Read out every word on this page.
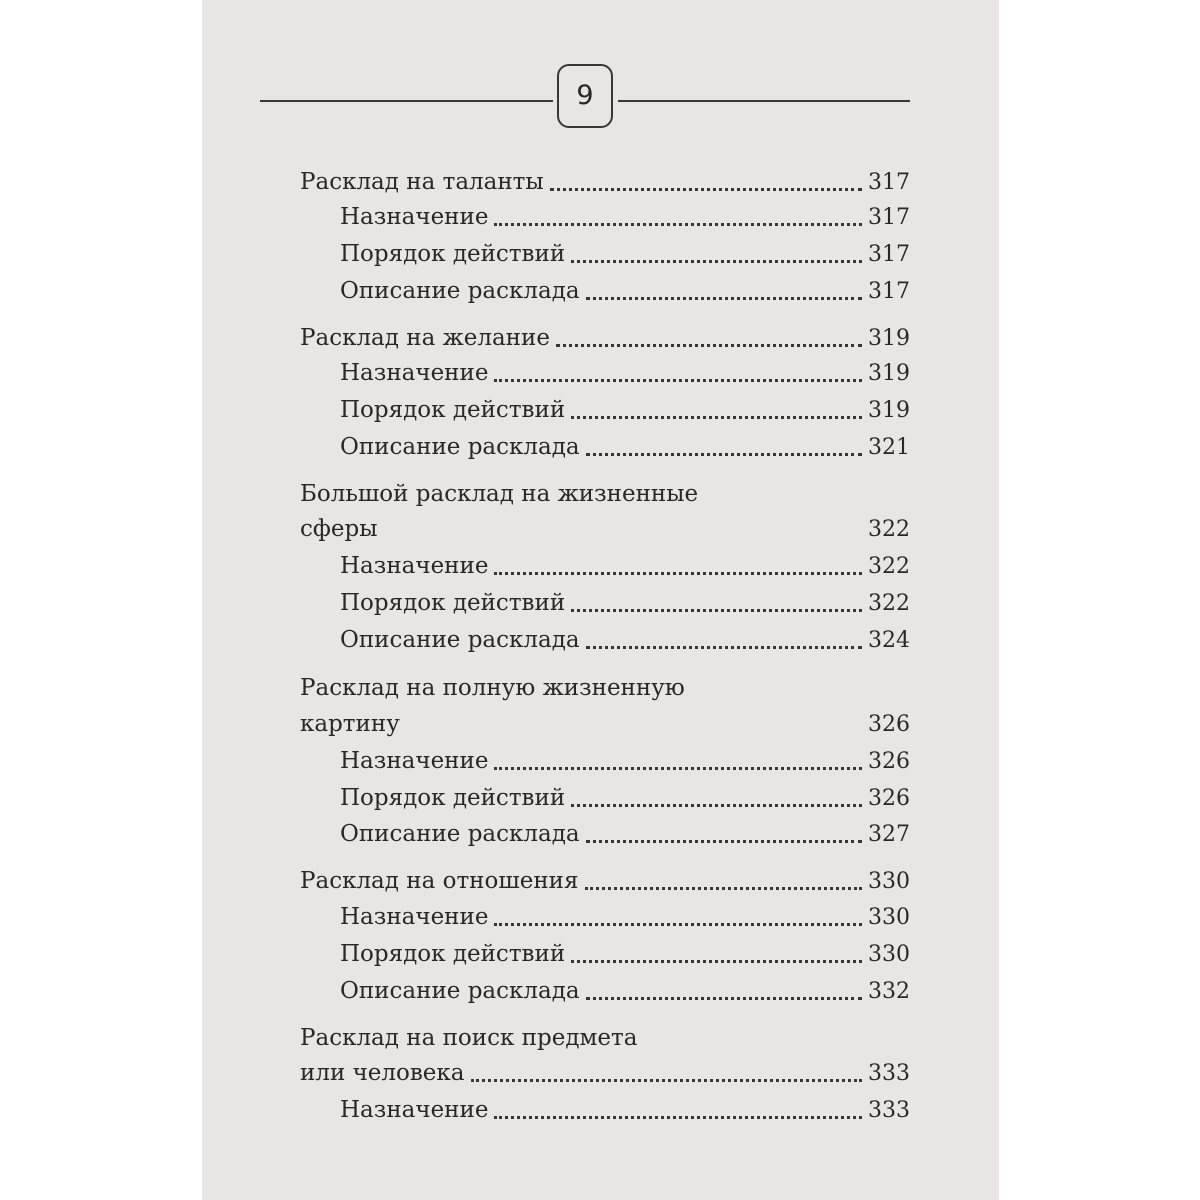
9
Расклад на таланты	317
Назначение	317
Порядок действий	317
Описание расклада	317
Расклад на желание	319
Назначение	319
Порядок действий	319
Описание расклада	321
Большой расклад на жизненные
сферы	322
Назначение	322
Порядок действий	322
Описание расклада	324
Расклад на полную жизненную
картину	326
Назначение	326
Порядок действий	326
Описание расклада	327
Расклад на отношения	330
Назначение	330
Порядок действий	330
Описание расклада	332
Расклад на поиск предмета
или человека	333
Назначение	333
